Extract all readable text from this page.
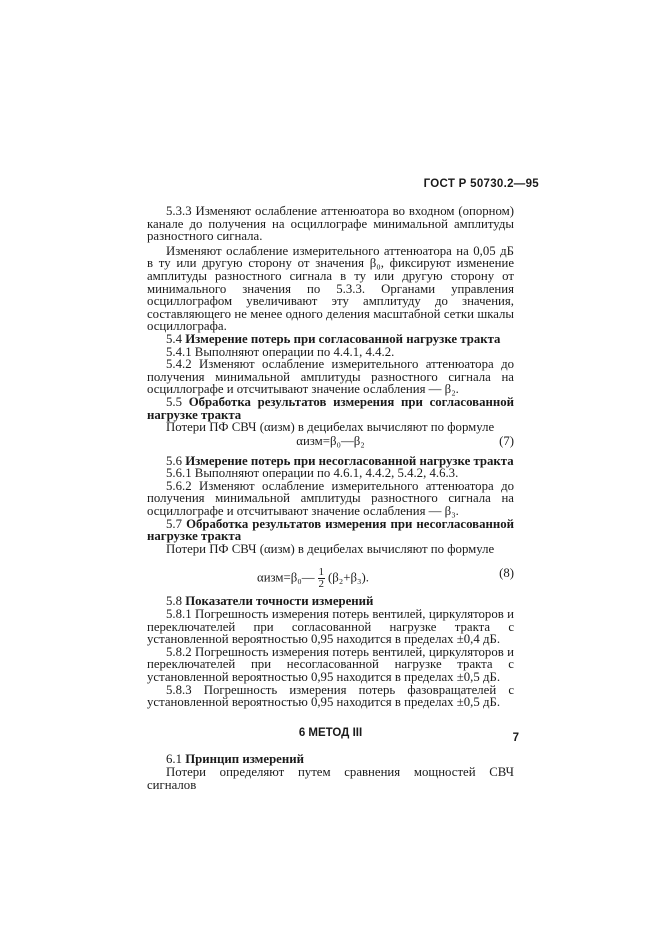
ГОСТ Р 50730.2—95

5.3.3 Изменяют ослабление аттенюатора во входном (опорном) канале до получения на осциллографе минимальной амплитуды разностного сигнала.

Изменяют ослабление измерительного аттенюатора на 0,05 дБ в ту или другую сторону от значения β₀, фиксируют изменение амплитуды разностного сигнала в ту или другую сторону от минимального значения по 5.3.3. Органами управления осциллографом увеличивают эту амплитуду до значения, составляющего не менее одного деления масштабной сетки шкалы осциллографа.

5.4 Измерение потерь при согласованной нагрузке тракта

5.4.1 Выполняют операции по 4.4.1, 4.4.2.

5.4.2 Изменяют ослабление измерительного аттенюатора до получения минимальной амплитуды разностного сигнала на осциллографе и отсчитывают значение ослабления — β₂.

5.5 Обработка результатов измерения при согласованной нагрузке тракта

Потери ПФ СВЧ (αизм) в децибелах вычисляют по формуле

αизм=β₀—β₂	(7)

5.6 Измерение потерь при несогласованной нагрузке тракта

5.6.1 Выполняют операции по 4.6.1, 4.4.2, 5.4.2, 4.6.3.

5.6.2 Изменяют ослабление измерительного аттенюатора до получения минимальной амплитуды разностного сигнала на осциллографе и отсчитывают значение ослабления — β₃.

5.7 Обработка результатов измерения при несогласованной нагрузке тракта

Потери ПФ СВЧ (αизм) в децибелах вычисляют по формуле

αизм=β₀— $\frac{1}{2} (\beta_2+\beta_3)$.	(8)

5.8 Показатели точности измерений

5.8.1 Погрешность измерения потерь вентилей, циркуляторов и переключателей при согласованной нагрузке тракта с установленной вероятностью 0,95 находится в пределах ±0,4 дБ.

5.8.2 Погрешность измерения потерь вентилей, циркуляторов и переключателей при несогласованной нагрузке тракта с установленной вероятностью 0,95 находится в пределах ±0,5 дБ.

5.8.3 Погрешность измерения потерь фазовращателей с установленной вероятностью 0,95 находится в пределах ±0,5 дБ.

6 МЕТОД III

6.1 Принцип измерений

Потери определяют путем сравнения мощностей СВЧ сигналов

7
